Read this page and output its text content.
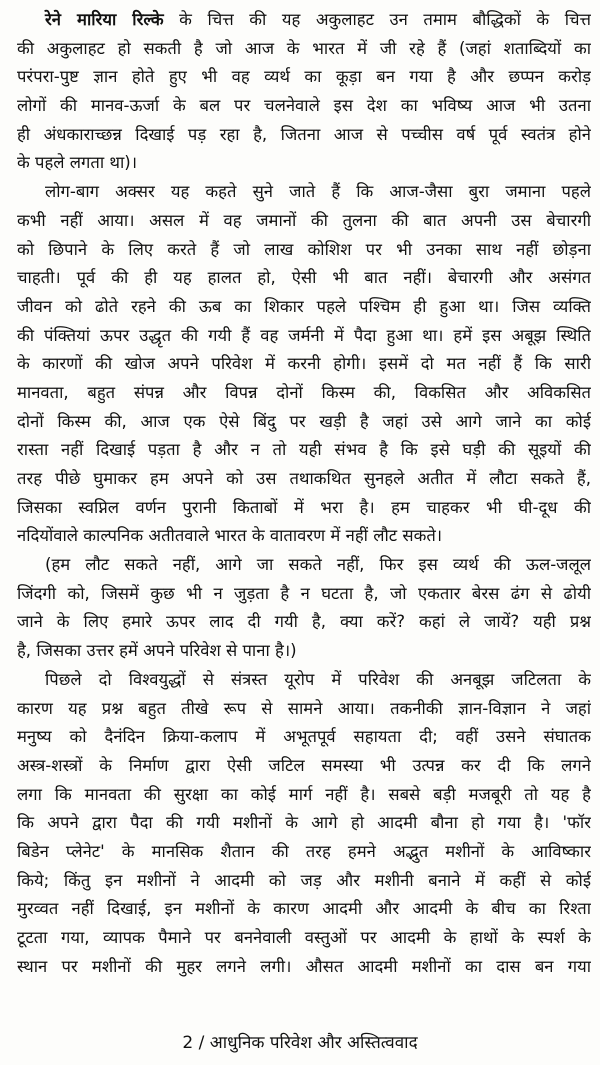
रेने मारिया रिल्के के चित्त की यह अकुलाहट उन तमाम बौद्धिकों के चित्त
की अकुलाहट हो सकती है जो आज के भारत में जी रहे हैं (जहां शताब्दियों का
परंपरा-पुष्ट ज्ञान होते हुए भी वह व्यर्थ का कूड़ा बन गया है और छप्पन करोड़
लोगों की मानव-ऊर्जा के बल पर चलनेवाले इस देश का भविष्य आज भी उतना
ही अंधकाराच्छन्न दिखाई पड़ रहा है, जितना आज से पच्चीस वर्ष पूर्व स्वतंत्र होने
के पहले लगता था)।
लोग-बाग अक्सर यह कहते सुने जाते हैं कि आज-जैसा बुरा जमाना पहले
कभी नहीं आया। असल में वह जमानों की तुलना की बात अपनी उस बेचारगी
को छिपाने के लिए करते हैं जो लाख कोशिश पर भी उनका साथ नहीं छोड़ना
चाहती। पूर्व की ही यह हालत हो, ऐसी भी बात नहीं। बेचारगी और असंगत
जीवन को ढोते रहने की ऊब का शिकार पहले पश्चिम ही हुआ था। जिस व्यक्ति
की पंक्तियां ऊपर उद्धृत की गयी हैं वह जर्मनी में पैदा हुआ था। हमें इस अबूझ स्थिति
के कारणों की खोज अपने परिवेश में करनी होगी। इसमें दो मत नहीं हैं कि सारी
मानवता, बहुत संपन्न और विपन्न दोनों किस्म की, विकसित और अविकसित
दोनों किस्म की, आज एक ऐसे बिंदु पर खड़ी है जहां उसे आगे जाने का कोई
रास्ता नहीं दिखाई पड़ता है और न तो यही संभव है कि इसे घड़ी की सूइयों की
तरह पीछे घुमाकर हम अपने को उस तथाकथित सुनहले अतीत में लौटा सकते हैं,
जिसका स्वप्निल वर्णन पुरानी किताबों में भरा है। हम चाहकर भी घी-दूध की
नदियोंवाले काल्पनिक अतीतवाले भारत के वातावरण में नहीं लौट सकते।
(हम लौट सकते नहीं, आगे जा सकते नहीं, फिर इस व्यर्थ की ऊल-जलूल
जिंदगी को, जिसमें कुछ भी न जुड़ता है न घटता है, जो एकतार बेरस ढंग से ढोयी
जाने के लिए हमारे ऊपर लाद दी गयी है, क्या करें? कहां ले जायें? यही प्रश्न
है, जिसका उत्तर हमें अपने परिवेश से पाना है।)
पिछले दो विश्वयुद्धों से संत्रस्त यूरोप में परिवेश की अनबूझ जटिलता के
कारण यह प्रश्न बहुत तीखे रूप से सामने आया। तकनीकी ज्ञान-विज्ञान ने जहां
मनुष्य को दैनंदिन क्रिया-कलाप में अभूतपूर्व सहायता दी; वहीं उसने संघातक
अस्त्र-शस्त्रों के निर्माण द्वारा ऐसी जटिल समस्या भी उत्पन्न कर दी कि लगने
लगा कि मानवता की सुरक्षा का कोई मार्ग नहीं है। सबसे बड़ी मजबूरी तो यह है
कि अपने द्वारा पैदा की गयी मशीनों के आगे हो आदमी बौना हो गया है। 'फॉर
बिडेन प्लेनेट' के मानसिक शैतान की तरह हमने अद्भुत मशीनों के आविष्कार
किये; किंतु इन मशीनों ने आदमी को जड़ और मशीनी बनाने में कहीं से कोई
मुरव्वत नहीं दिखाई, इन मशीनों के कारण आदमी और आदमी के बीच का रिश्ता
टूटता गया, व्यापक पैमाने पर बननेवाली वस्तुओं पर आदमी के हाथों के स्पर्श के
स्थान पर मशीनों की मुहर लगने लगी। औसत आदमी मशीनों का दास बन गया
2 / आधुनिक परिवेश और अस्तित्ववाद
